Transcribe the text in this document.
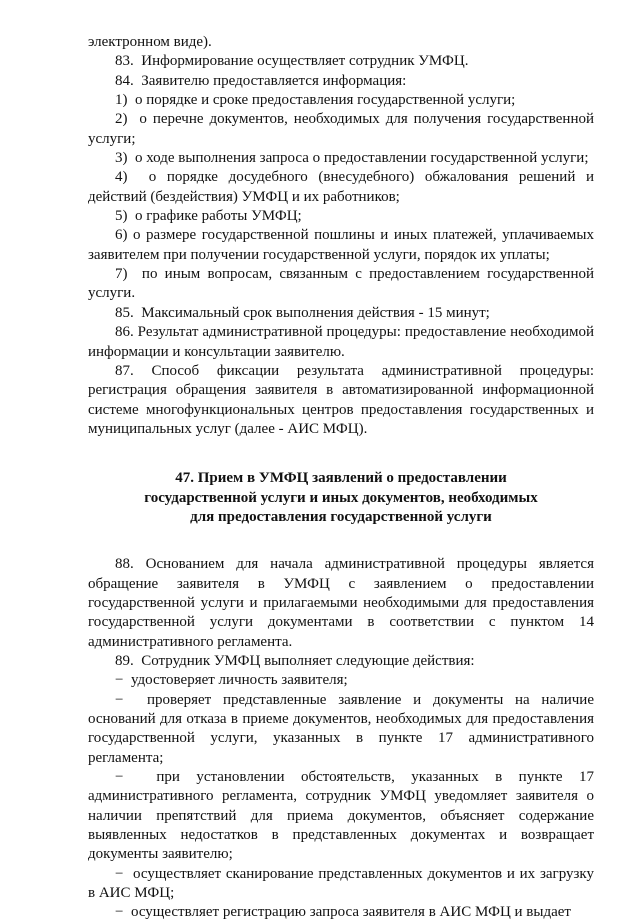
электронном виде).

83.  Информирование осуществляет сотрудник УМФЦ.

84.  Заявителю предоставляется информация:

1)  о порядке и сроке предоставления государственной услуги;

2)  о перечне документов, необходимых для получения государственной услуги;

3)  о ходе выполнения запроса о предоставлении государственной услуги;

4)  о порядке досудебного (внесудебного) обжалования решений и действий (бездействия) УМФЦ и их работников;

5)  о графике работы УМФЦ;

6) о размере государственной пошлины и иных платежей, уплачиваемых заявителем при получении государственной услуги, порядок их уплаты;

7)  по иным вопросам, связанным с предоставлением государственной услуги.

85.  Максимальный срок выполнения действия - 15 минут;

86. Результат административной процедуры: предоставление необходимой информации и консультации заявителю.

87. Способ фиксации результата административной процедуры: регистрация обращения заявителя в автоматизированной информационной системе многофункциональных центров предоставления государственных и муниципальных услуг (далее - АИС МФЦ).

47. Прием в УМФЦ заявлений о предоставлении

государственной услуги и иных документов, необходимых

для предоставления государственной услуги

88. Основанием для начала административной процедуры является обращение заявителя в УМФЦ с заявлением о предоставлении государственной услуги и прилагаемыми необходимыми для предоставления государственной услуги документами в соответствии с пунктом 14 административного регламента.

89.  Сотрудник УМФЦ выполняет следующие действия:

−  удостоверяет личность заявителя;

−  проверяет представленные заявление и документы на наличие оснований для отказа в приеме документов, необходимых для предоставления государственной услуги, указанных в пункте 17 административного регламента;

−  при установлении обстоятельств, указанных в пункте 17 административного регламента, сотрудник УМФЦ уведомляет заявителя о наличии препятствий для приема документов, объясняет содержание выявленных недостатков в представленных документах и возвращает документы заявителю;

−  осуществляет сканирование представленных документов и их загрузку в АИС МФЦ;

−  осуществляет регистрацию запроса заявителя в АИС МФЦ и выдает
